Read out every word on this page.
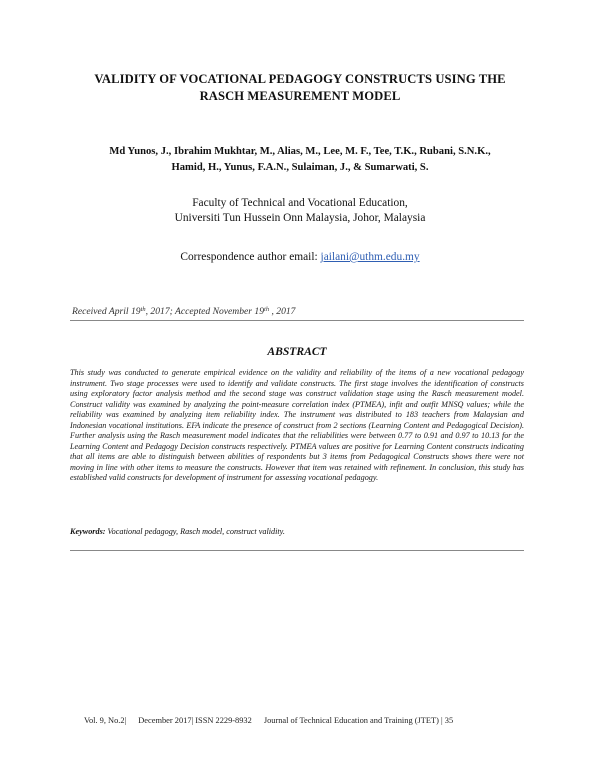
VALIDITY OF VOCATIONAL PEDAGOGY CONSTRUCTS USING THE
RASCH MEASUREMENT MODEL
Md Yunos, J., Ibrahim Mukhtar, M., Alias, M., Lee, M. F., Tee, T.K., Rubani, S.N.K.,
Hamid, H., Yunus, F.A.N., Sulaiman, J., & Sumarwati, S.
Faculty of Technical and Vocational Education,
Universiti Tun Hussein Onn Malaysia, Johor, Malaysia
Correspondence author email: jailani@uthm.edu.my
Received April 19th, 2017; Accepted November 19th , 2017
ABSTRACT
This study was conducted to generate empirical evidence on the validity and reliability of the items of a new vocational pedagogy instrument. Two stage processes were used to identify and validate constructs. The first stage involves the identification of constructs using exploratory factor analysis method and the second stage was construct validation stage using the Rasch measurement model. Construct validity was examined by analyzing the point-measure correlation index (PTMEA), infit and outfit MNSQ values; while the reliability was examined by analyzing item reliability index. The instrument was distributed to 183 teachers from Malaysian and Indonesian vocational institutions. EFA indicate the presence of construct from 2 sections (Learning Content and Pedagogical Decision). Further analysis using the Rasch measurement model indicates that the reliabilities were between 0.77 to 0.91 and 0.97 to 10.13 for the Learning Content and Pedagogy Decision constructs respectively. PTMEA values are positive for Learning Content constructs indicating that all items are able to distinguish between abilities of respondents but 3 items from Pedagogical Constructs shows there were not moving in line with other items to measure the constructs. However that item was retained with refinement. In conclusion, this study has established valid constructs for development of instrument for assessing vocational pedagogy.
Keywords: Vocational pedagogy, Rasch model, construct validity.
Vol. 9, No.2| December 2017| ISSN 2229-8932 Journal of Technical Education and Training (JTET) | 35
